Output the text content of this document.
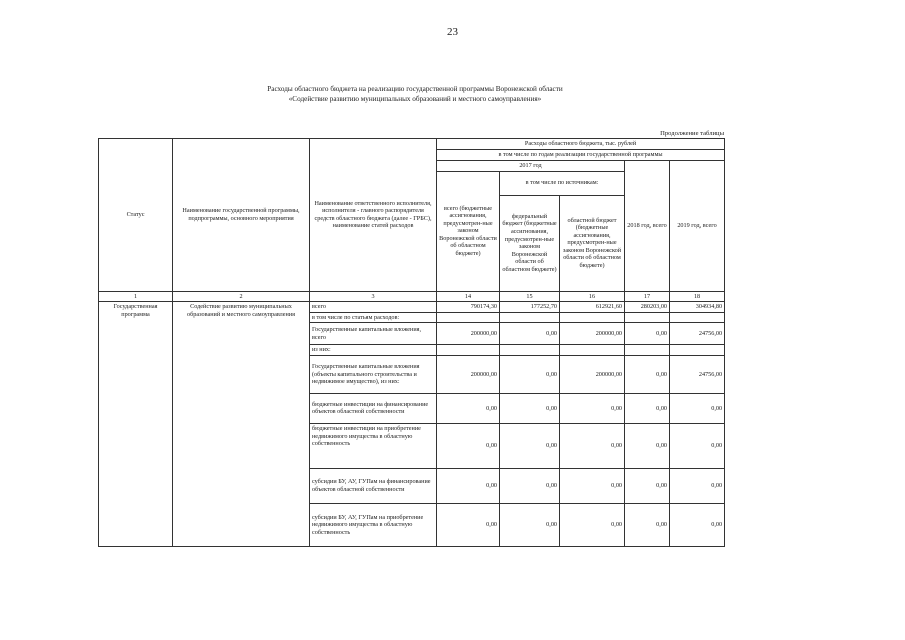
23
Расходы областного бюджета на реализацию государственной программы Воронежской области
«Содействие развитию муниципальных образований и местного самоуправления»
Продолжение таблицы
Статус	Наименование государственной программы, подпрограммы, основного мероприятия	Наименование ответственного исполнителя, исполнителя - главного распорядителя средств областного бюджета (далее - ГРБС), наименование статей расходов	Расходы областного бюджета, тыс. рублей				
			в том числе по годам реализации государственной программы				
			2017 год			2018 год, всего	2019 год, всего
			всего (бюджетные ассигнования, предусмотрен-ные законом Воронежской области об областном бюджете)	в том числе по источникам:			
				федеральный бюджет (бюджетные ассигнования, предусмотрен-ные законом Воронежской области об областном бюджете)	областной бюджет (бюджетные ассигнования, предусмотрен-ные законом Воронежской области об областном бюджете)		
1	2	3	14	15	16	17	18
Государственная программа	Содействие развитию муниципальных образований и местного самоуправления	всего	790174,30	177252,70	612921,60	280203,00	304934,80
		в том числе по статьям расходов:					
		Государственные капитальные вложения, всего	200000,00	0,00	200000,00	0,00	24756,00
		из них:					
		Государственные капитальные вложения (объекты капитального строительства и недвижимое имущество), из них:	200000,00	0,00	200000,00	0,00	24756,00
		бюджетные инвестиции на финансирование объектов областной собственности	0,00	0,00	0,00	0,00	0,00
		бюджетные инвестиции на приобретение недвижимого имущества в областную собственность	0,00	0,00	0,00	0,00	0,00
		субсидии БУ, АУ, ГУПам на финансирование объектов областной собственности	0,00	0,00	0,00	0,00	0,00
		субсидии БУ, АУ, ГУПам на приобретение недвижимого имущества в областную собственность	0,00	0,00	0,00	0,00	0,00
